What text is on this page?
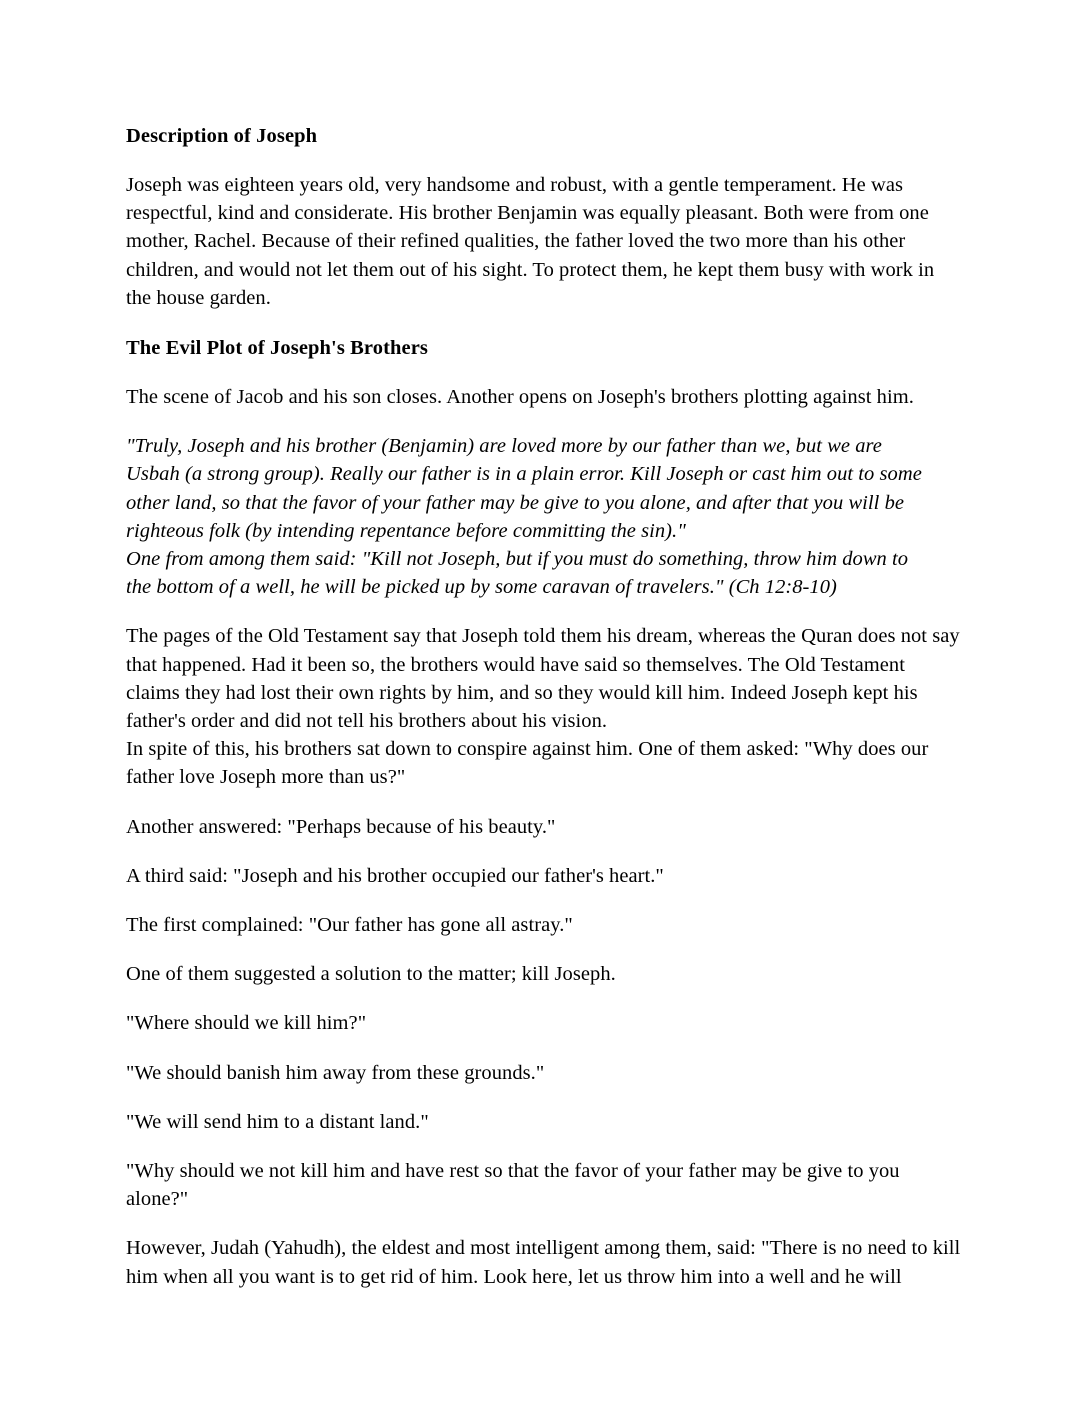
Description of Joseph

Joseph was eighteen years old, very handsome and robust, with a gentle temperament. He was respectful, kind and considerate. His brother Benjamin was equally pleasant. Both were from one mother, Rachel. Because of their refined qualities, the father loved the two more than his other children, and would not let them out of his sight. To protect them, he kept them busy with work in the house garden.

The Evil Plot of Joseph's Brothers

The scene of Jacob and his son closes. Another opens on Joseph's brothers plotting against him.

"Truly, Joseph and his brother (Benjamin) are loved more by our father than we, but we are
Usbah (a strong group). Really our father is in a plain error. Kill Joseph or cast him out to some
other land, so that the favor of your father may be give to you alone, and after that you will be
righteous folk (by intending repentance before committing the sin)."
One from among them said: "Kill not Joseph, but if you must do something, throw him down to
the bottom of a well, he will be picked up by some caravan of travelers." (Ch 12:8-10)

The pages of the Old Testament say that Joseph told them his dream, whereas the Quran does not say that happened. Had it been so, the brothers would have said so themselves. The Old Testament claims they had lost their own rights by him, and so they would kill him. Indeed Joseph kept his father's order and did not tell his brothers about his vision.

In spite of this, his brothers sat down to conspire against him. One of them asked: "Why does our father love Joseph more than us?"

Another answered: "Perhaps because of his beauty."

A third said: "Joseph and his brother occupied our father's heart."

The first complained: "Our father has gone all astray."

One of them suggested a solution to the matter; kill Joseph.

"Where should we kill him?"

"We should banish him away from these grounds."

"We will send him to a distant land."

"Why should we not kill him and have rest so that the favor of your father may be give to you alone?"

However, Judah (Yahudh), the eldest and most intelligent among them, said: "There is no need to kill him when all you want is to get rid of him. Look here, let us throw him into a well and he will
